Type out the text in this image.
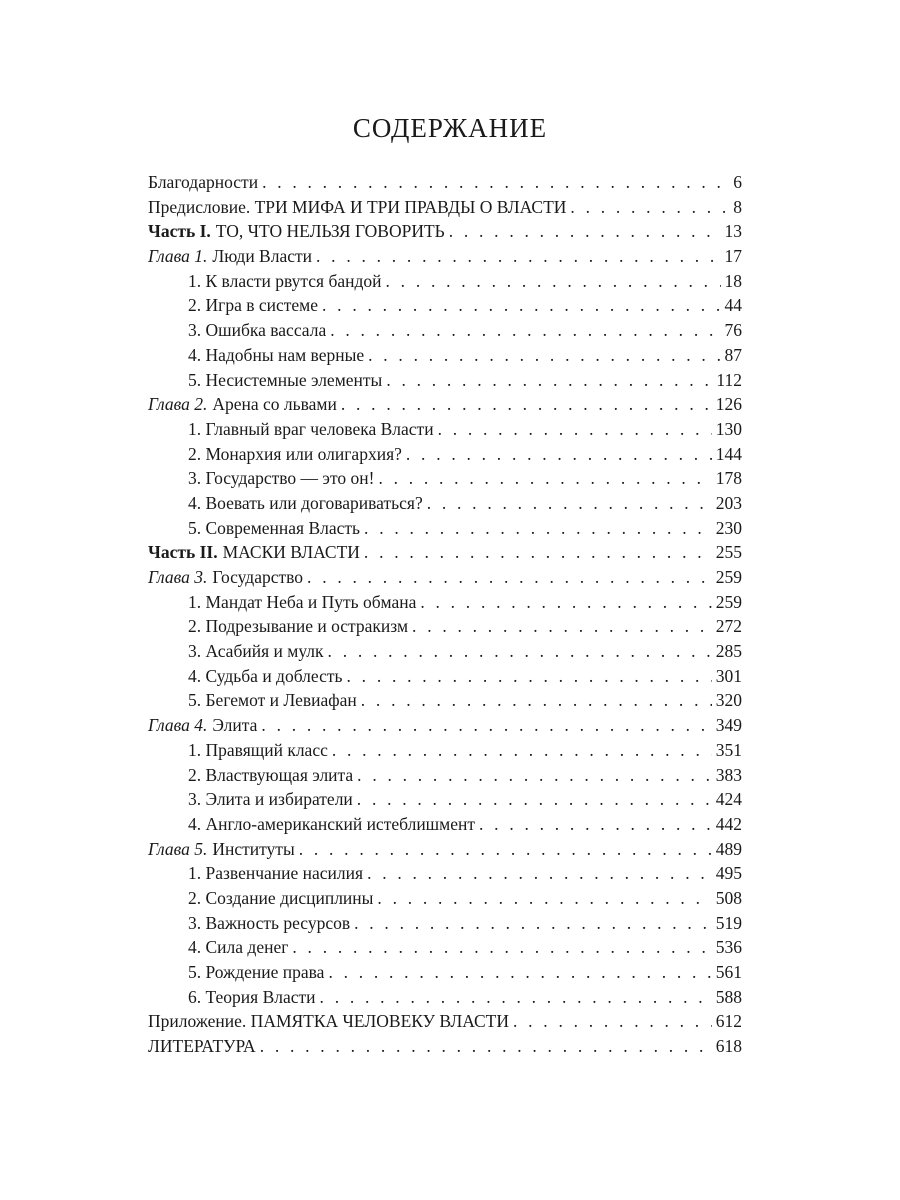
СОДЕРЖАНИЕ
Благодарности . . .	6
Предисловие. ТРИ МИФА И ТРИ ПРАВДЫ О ВЛАСТИ . . .	8
Часть I. ТО, ЧТО НЕЛЬЗЯ ГОВОРИТЬ . . .	13
Глава 1. Люди Власти . . .	17
1. К власти рвутся бандой . . .	18
2. Игра в системе . . .	44
3. Ошибка вассала . . .	76
4. Надобны нам верные . . .	87
5. Несистемные элементы . . .	112
Глава 2. Арена со львами . . .	126
1. Главный враг человека Власти . . .	130
2. Монархия или олигархия? . . .	144
3. Государство — это он! . . .	178
4. Воевать или договариваться? . . .	203
5. Современная Власть . . .	230
Часть II. МАСКИ ВЛАСТИ . . .	255
Глава 3. Государство . . .	259
1. Мандат Неба и Путь обмана . . .	259
2. Подрезывание и остракизм . . .	272
3. Асабийя и мулк . . .	285
4. Судьба и доблесть . . .	301
5. Бегемот и Левиафан . . .	320
Глава 4. Элита . . .	349
1. Правящий класс . . .	351
2. Властвующая элита . . .	383
3. Элита и избиратели . . .	424
4. Англо-американский истеблишмент . . .	442
Глава 5. Институты . . .	489
1. Развенчание насилия . . .	495
2. Создание дисциплины . . .	508
3. Важность ресурсов . . .	519
4. Сила денег . . .	536
5. Рождение права . . .	561
6. Теория Власти . . .	588
Приложение. ПАМЯТКА ЧЕЛОВЕКУ ВЛАСТИ . . .	612
ЛИТЕРАТУРА . . .	618
